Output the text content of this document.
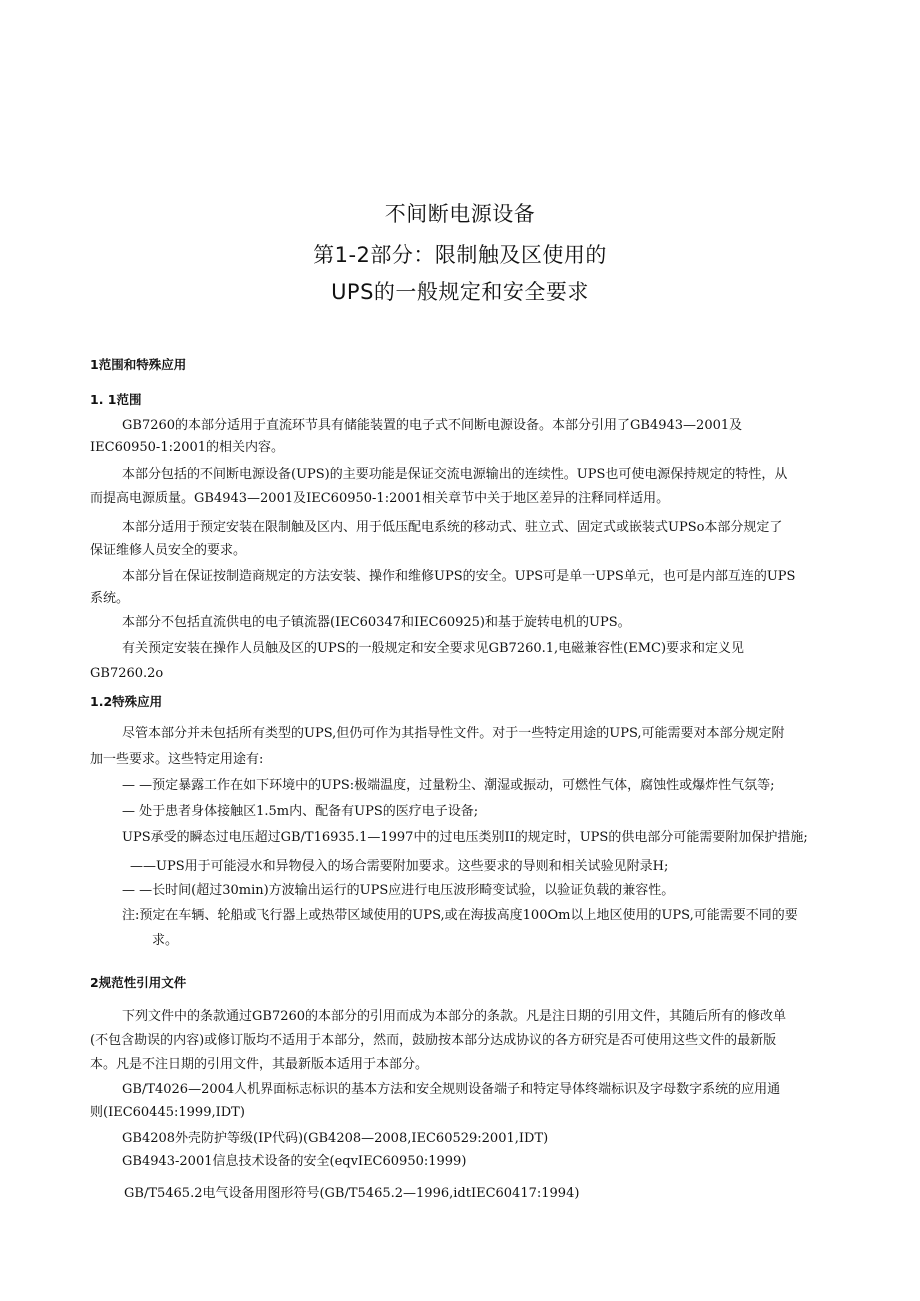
不间断电源设备
第1-2部分：限制触及区使用的
UPS的一般规定和安全要求
1范围和特殊应用
1. 1范围
GB7260的本部分适用于直流环节具有储能装置的电子式不间断电源设备。本部分引用了GB4943—2001及
IEC60950-1:2001的相关内容。
本部分包括的不间断电源设备(UPS)的主要功能是保证交流电源输出的连续性。UPS也可使电源保持规定的特性，从
而提高电源质量。GB4943—2001及IEC60950-1:2001相关章节中关于地区差异的注释同样适用。
本部分适用于预定安装在限制触及区内、用于低压配电系统的移动式、驻立式、固定式或嵌装式UPSo本部分规定了
保证维修人员安全的要求。
本部分旨在保证按制造商规定的方法安装、操作和维修UPS的安全。UPS可是单一UPS单元，也可是内部互连的UPS
系统。
本部分不包括直流供电的电子镇流器(IEC60347和IEC60925)和基于旋转电机的UPS。
有关预定安装在操作人员触及区的UPS的一般规定和安全要求见GB7260.1,电磁兼容性(EMC)要求和定义见
GB7260.2o
1.2特殊应用
尽管本部分并未包括所有类型的UPS,但仍可作为其指导性文件。对于一些特定用途的UPS,可能需要对本部分规定附
加一些要求。这些特定用途有:
— —预定暴露工作在如下环境中的UPS:极端温度，过量粉尘、潮湿或振动，可燃性气体，腐蚀性或爆炸性气氛等;
— 处于患者身体接触区1.5m内、配备有UPS的医疗电子设备;
UPS承受的瞬态过电压超过GB/T16935.1—1997中的过电压类别II的规定时，UPS的供电部分可能需要附加保护措施;
——UPS用于可能浸水和异物侵入的场合需要附加要求。这些要求的导则和相关试验见附录H;
— —长时间(超过30min)方波输出运行的UPS应进行电压波形畸变试验，以验证负载的兼容性。
注:预定在车辆、轮船或飞行器上或热带区域使用的UPS,或在海拔高度100Om以上地区使用的UPS,可能需要不同的要
求。
2规范性引用文件
下列文件中的条款通过GB7260的本部分的引用而成为本部分的条款。凡是注日期的引用文件，其随后所有的修改单
(不包含勘误的内容)或修订版均不适用于本部分，然而，鼓励按本部分达成协议的各方研究是否可使用这些文件的最新版
本。凡是不注日期的引用文件，其最新版本适用于本部分。
GB/T4026—2004人机界面标志标识的基本方法和安全规则设备端子和特定导体终端标识及字母数字系统的应用通
则(IEC60445:1999,IDT)
GB4208外壳防护等级(IP代码)(GB4208—2008,IEC60529:2001,IDT)
GB4943-2001信息技术设备的安全(eqvIEC60950:1999)
GB/T5465.2电气设备用图形符号(GB/T5465.2—1996,idtIEC60417:1994)
